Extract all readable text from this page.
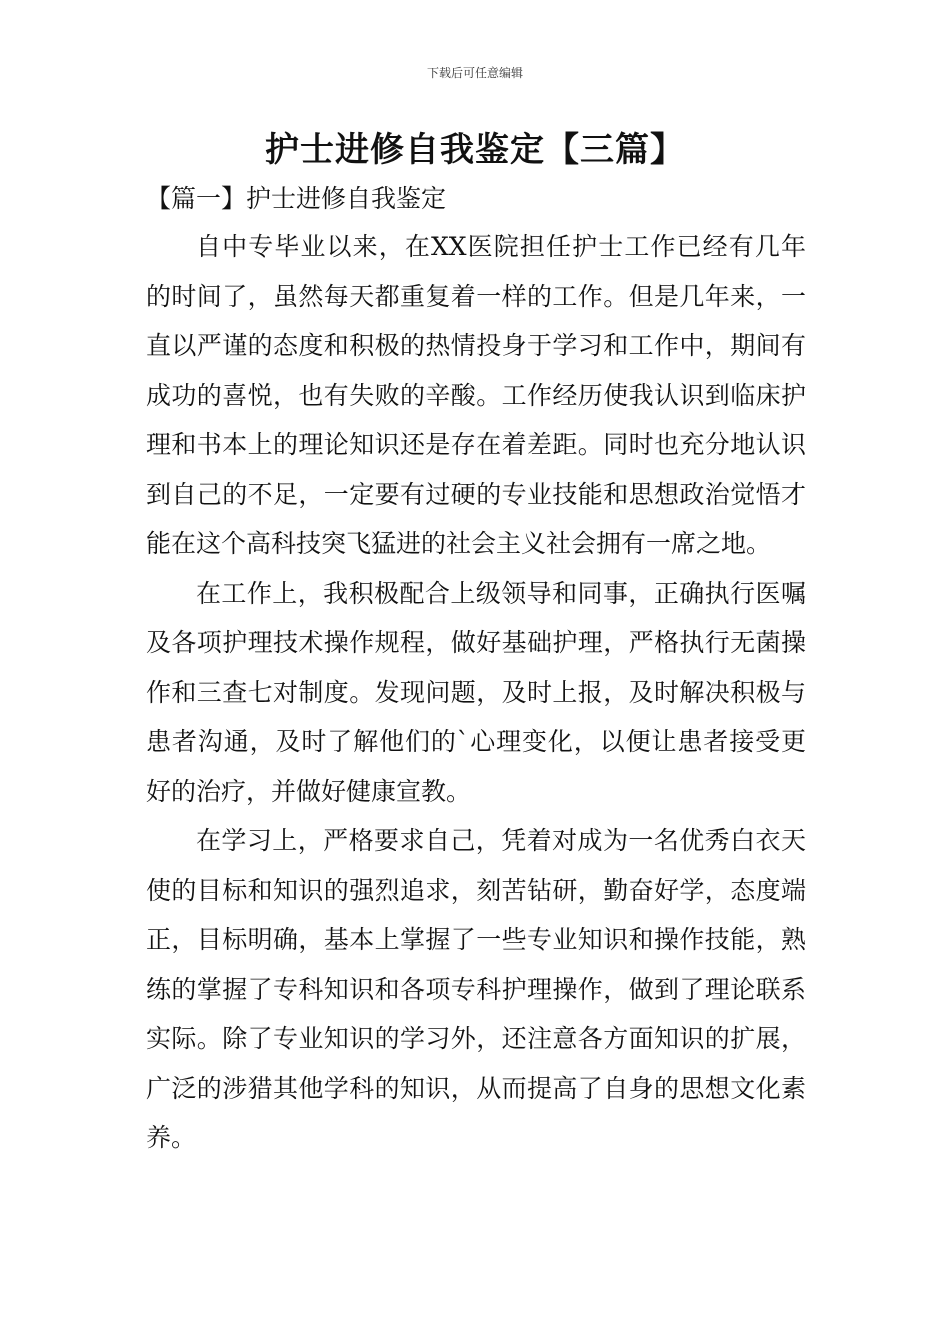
下载后可任意编辑
护士进修自我鉴定【三篇】
【篇一】护士进修自我鉴定

自中专毕业以来，在XX医院担任护士工作已经有几年的时间了，虽然每天都重复着一样的工作。但是几年来，一直以严谨的态度和积极的热情投身于学习和工作中，期间有成功的喜悦，也有失败的辛酸。工作经历使我认识到临床护理和书本上的理论知识还是存在着差距。同时也充分地认识到自己的不足，一定要有过硬的专业技能和思想政治觉悟才能在这个高科技突飞猛进的社会主义社会拥有一席之地。

在工作上，我积极配合上级领导和同事，正确执行医嘱及各项护理技术操作规程，做好基础护理，严格执行无菌操作和三查七对制度。发现问题，及时上报，及时解决积极与患者沟通，及时了解他们的`心理变化，以便让患者接受更好的治疗，并做好健康宣教。

在学习上，严格要求自己，凭着对成为一名优秀白衣天使的目标和知识的强烈追求，刻苦钻研，勤奋好学，态度端正，目标明确，基本上掌握了一些专业知识和操作技能，熟练的掌握了专科知识和各项专科护理操作，做到了理论联系实际。除了专业知识的学习外，还注意各方面知识的扩展，广泛的涉猎其他学科的知识，从而提高了自身的思想文化素养。
